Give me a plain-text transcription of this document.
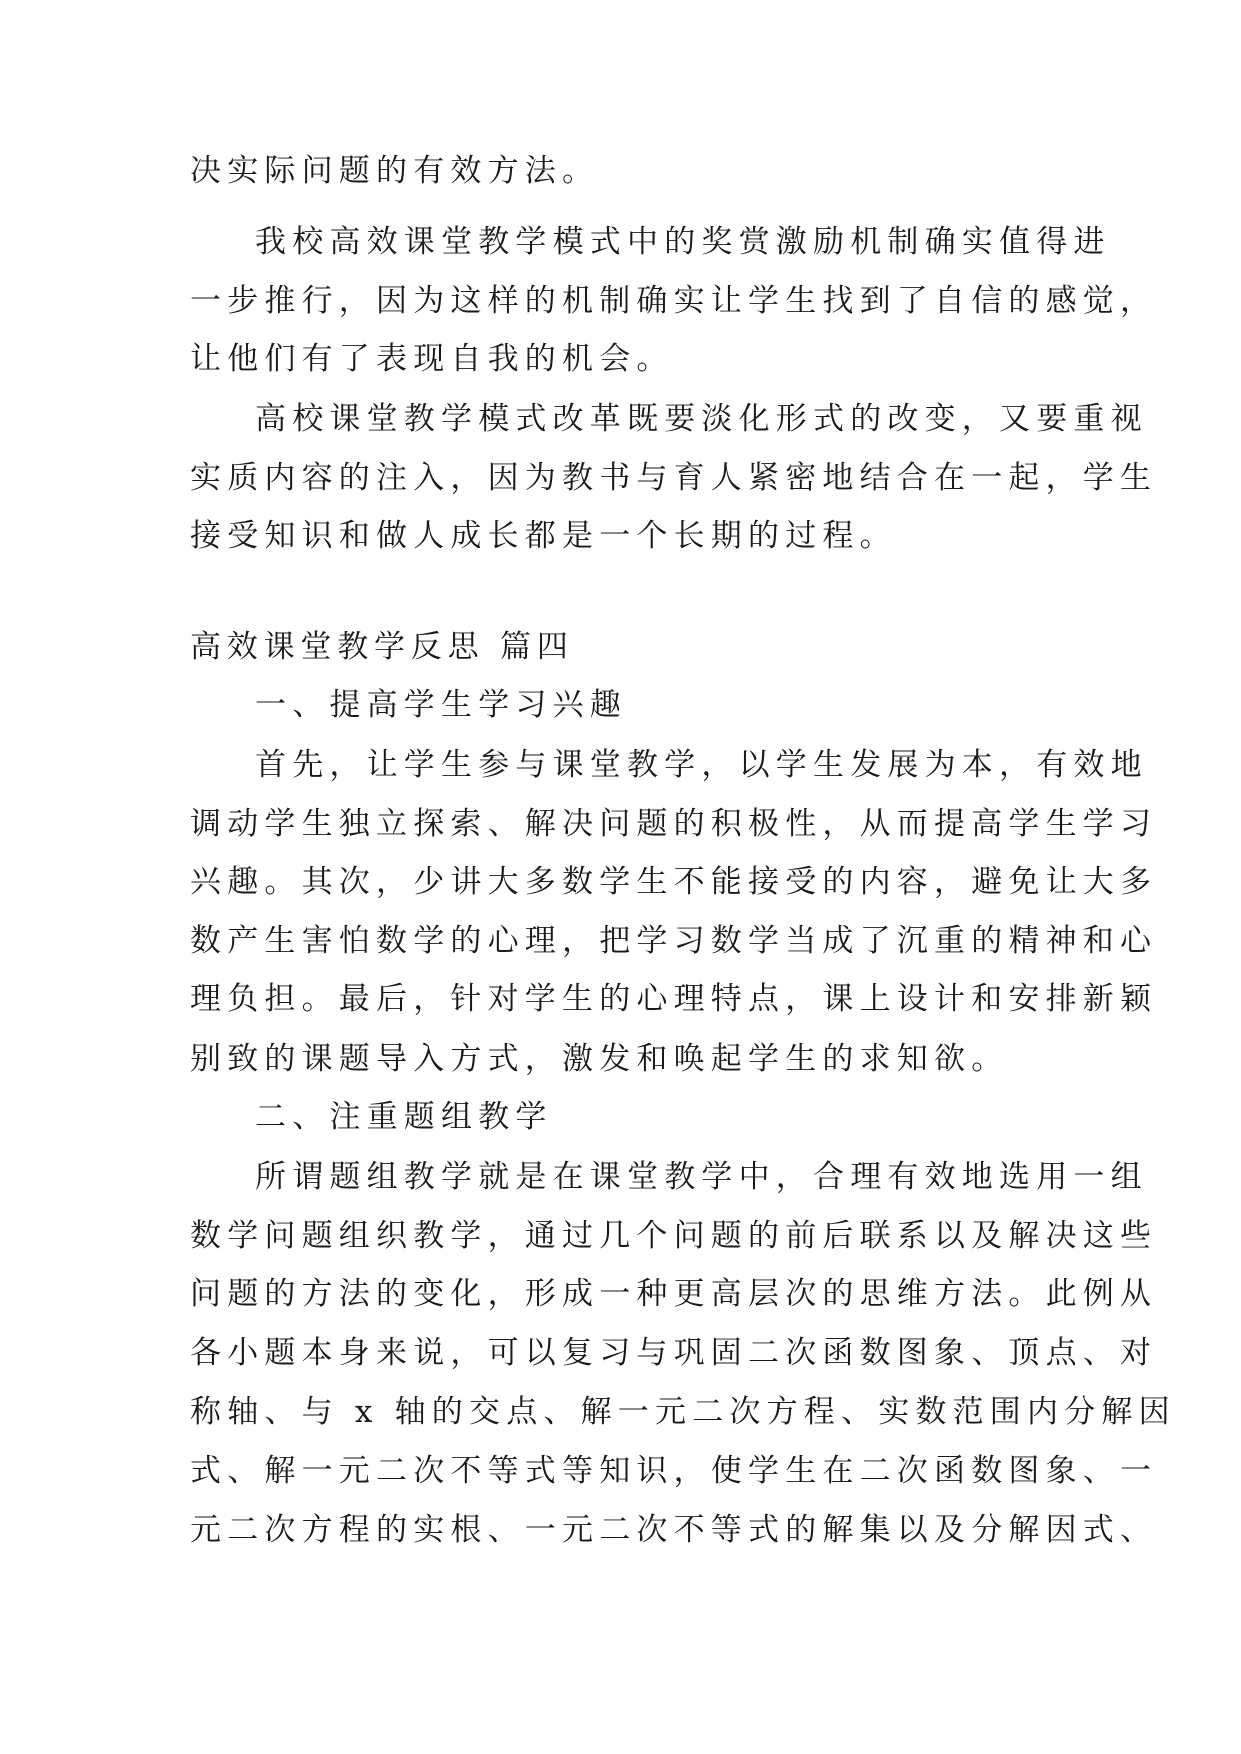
决实际问题的有效方法。
我校高效课堂教学模式中的奖赏激励机制确实值得进
一步推行，因为这样的机制确实让学生找到了自信的感觉，
让他们有了表现自我的机会。
高校课堂教学模式改革既要淡化形式的改变，又要重视
实质内容的注入，因为教书与育人紧密地结合在一起，学生
接受知识和做人成长都是一个长期的过程。
高效课堂教学反思 篇四
一、提高学生学习兴趣
首先，让学生参与课堂教学，以学生发展为本，有效地
调动学生独立探索、解决问题的积极性，从而提高学生学习
兴趣。其次，少讲大多数学生不能接受的内容，避免让大多
数产生害怕数学的心理，把学习数学当成了沉重的精神和心
理负担。最后，针对学生的心理特点，课上设计和安排新颖
别致的课题导入方式，激发和唤起学生的求知欲。
二、注重题组教学
所谓题组教学就是在课堂教学中，合理有效地选用一组
数学问题组织教学，通过几个问题的前后联系以及解决这些
问题的方法的变化，形成一种更高层次的思维方法。此例从
各小题本身来说，可以复习与巩固二次函数图象、顶点、对
称轴、与 x 轴的交点、解一元二次方程、实数范围内分解因
式、解一元二次不等式等知识，使学生在二次函数图象、一
元二次方程的实根、一元二次不等式的解集以及分解因式、
